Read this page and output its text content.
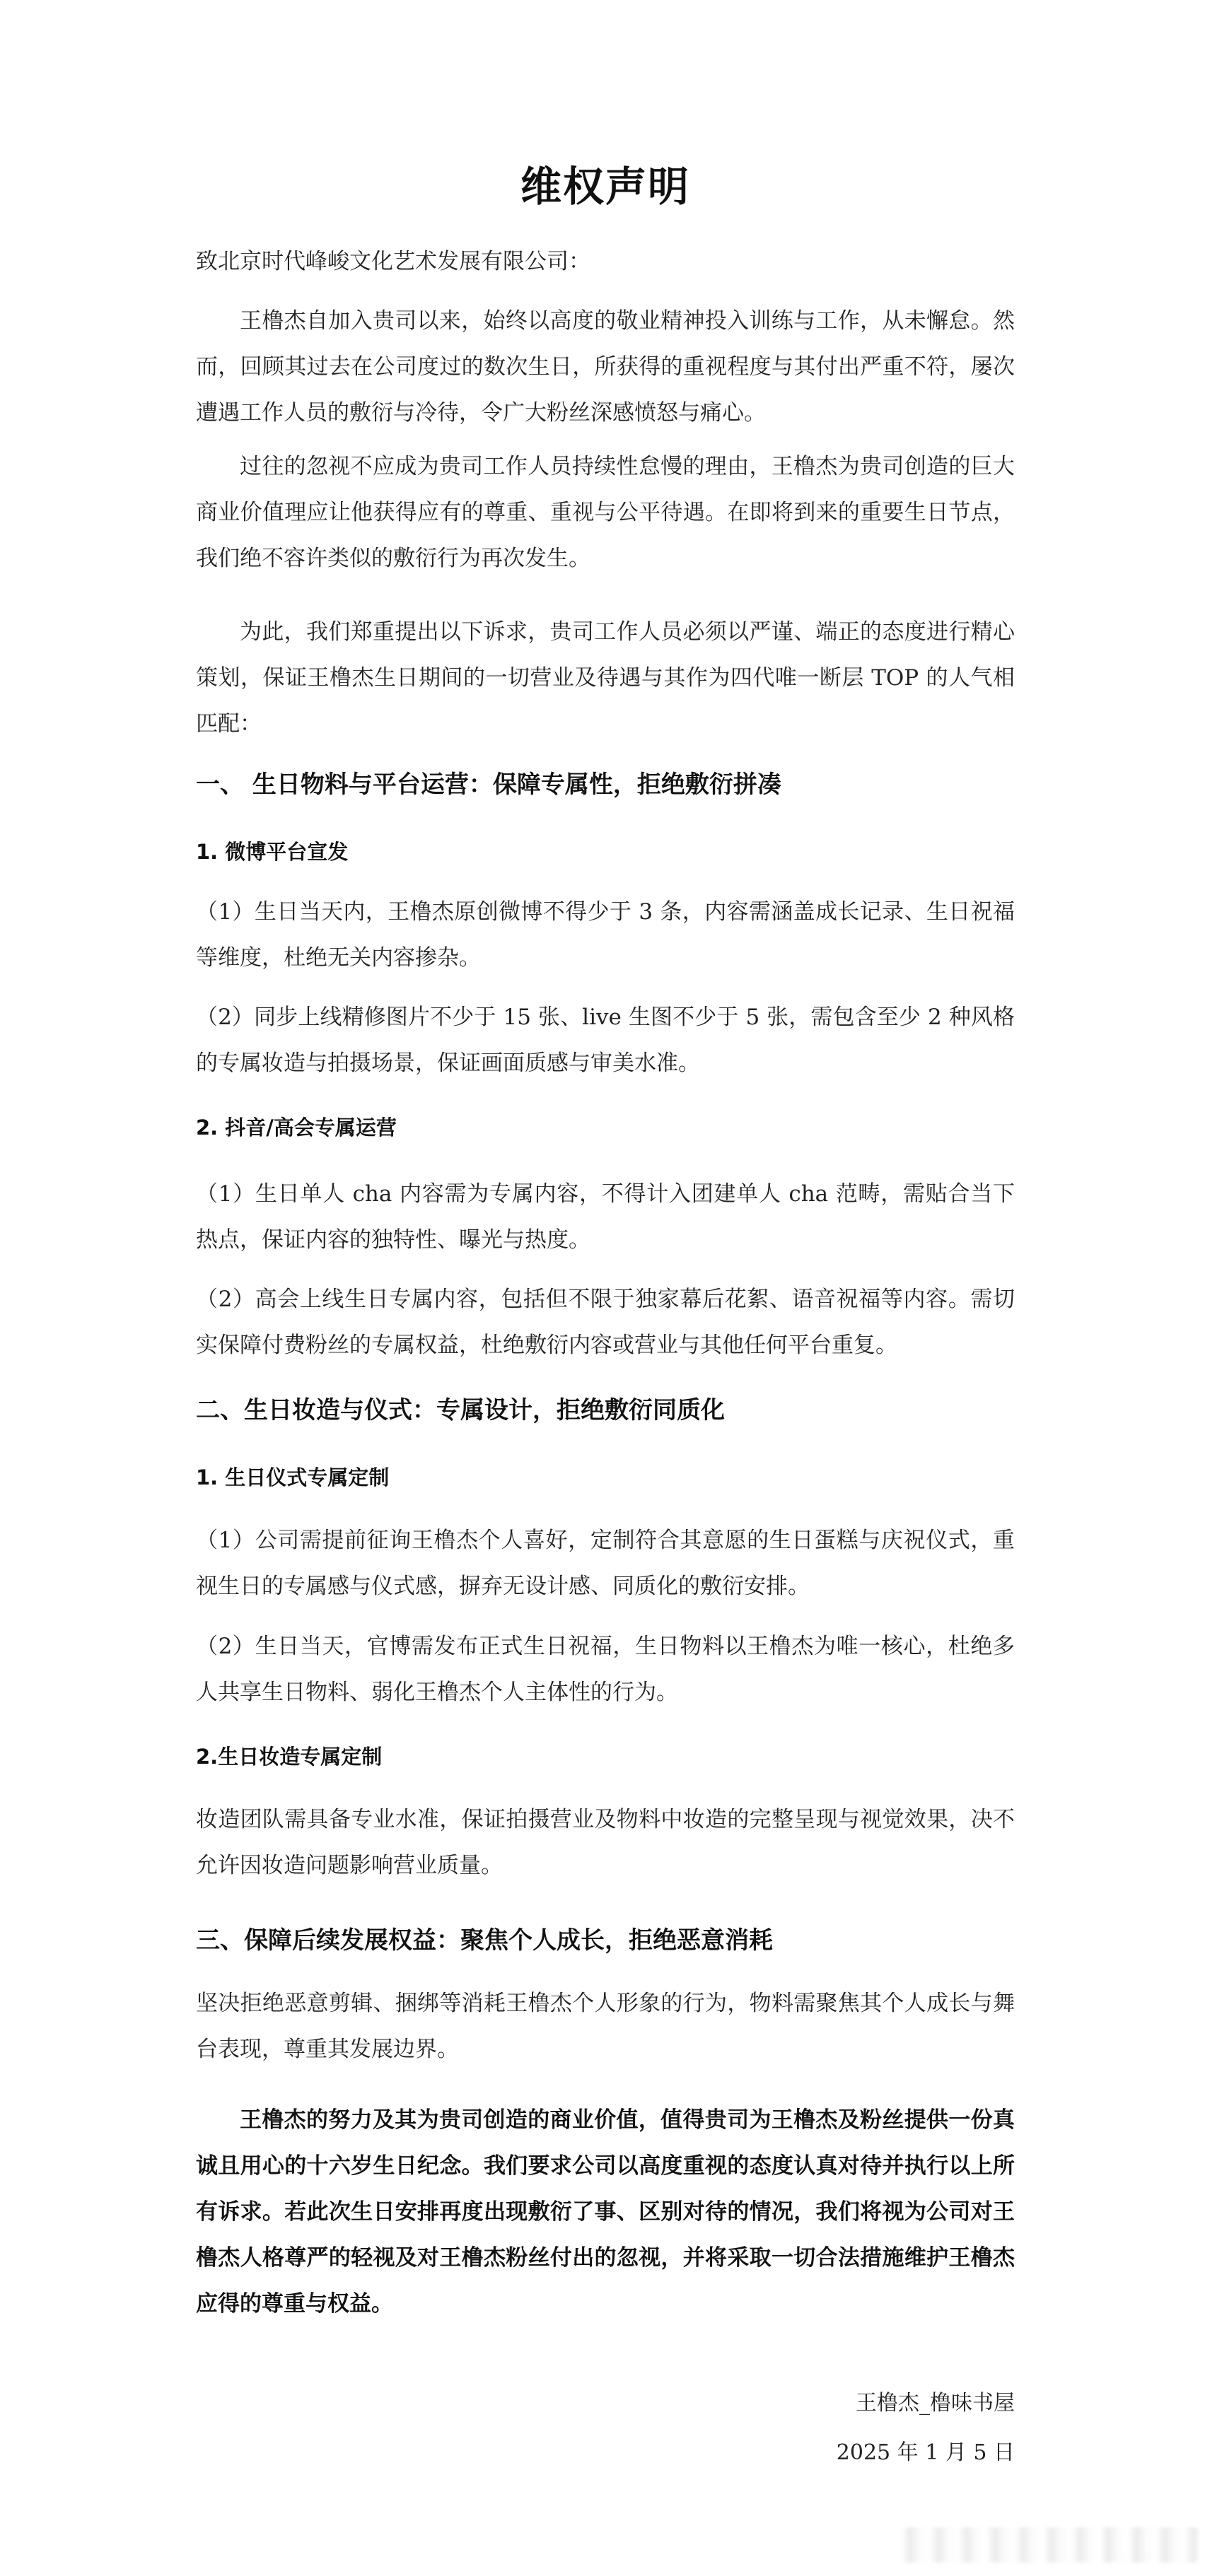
维权声明
致北京时代峰峻文化艺术发展有限公司：
王橹杰自加入贵司以来，始终以高度的敬业精神投入训练与工作，从未懈怠。然而，回顾其过去在公司度过的数次生日，所获得的重视程度与其付出严重不符，屡次遭遇工作人员的敷衍与冷待，令广大粉丝深感愤怒与痛心。
过往的忽视不应成为贵司工作人员持续性怠慢的理由，王橹杰为贵司创造的巨大商业价值理应让他获得应有的尊重、重视与公平待遇。在即将到来的重要生日节点，我们绝不容许类似的敷衍行为再次发生。
为此，我们郑重提出以下诉求，贵司工作人员必须以严谨、端正的态度进行精心策划，保证王橹杰生日期间的一切营业及待遇与其作为四代唯一断层 TOP 的人气相匹配：
一、 生日物料与平台运营：保障专属性，拒绝敷衍拼凑
1. 微博平台宣发
（1）生日当天内，王橹杰原创微博不得少于 3 条，内容需涵盖成长记录、生日祝福等维度，杜绝无关内容掺杂。
（2）同步上线精修图片不少于 15 张、live 生图不少于 5 张，需包含至少 2 种风格的专属妆造与拍摄场景，保证画面质感与审美水准。
2. 抖音/高会专属运营
（1）生日单人 cha 内容需为专属内容，不得计入团建单人 cha 范畴，需贴合当下热点，保证内容的独特性、曝光与热度。
（2）高会上线生日专属内容，包括但不限于独家幕后花絮、语音祝福等内容。需切实保障付费粉丝的专属权益，杜绝敷衍内容或营业与其他任何平台重复。
二、生日妆造与仪式：专属设计，拒绝敷衍同质化
1. 生日仪式专属定制
（1）公司需提前征询王橹杰个人喜好，定制符合其意愿的生日蛋糕与庆祝仪式，重视生日的专属感与仪式感，摒弃无设计感、同质化的敷衍安排。
（2）生日当天，官博需发布正式生日祝福，生日物料以王橹杰为唯一核心，杜绝多人共享生日物料、弱化王橹杰个人主体性的行为。
2.生日妆造专属定制
妆造团队需具备专业水准，保证拍摄营业及物料中妆造的完整呈现与视觉效果，决不允许因妆造问题影响营业质量。
三、保障后续发展权益：聚焦个人成长，拒绝恶意消耗
坚决拒绝恶意剪辑、捆绑等消耗王橹杰个人形象的行为，物料需聚焦其个人成长与舞台表现，尊重其发展边界。
王橹杰的努力及其为贵司创造的商业价值，值得贵司为王橹杰及粉丝提供一份真诚且用心的十六岁生日纪念。我们要求公司以高度重视的态度认真对待并执行以上所有诉求。若此次生日安排再度出现敷衍了事、区别对待的情况，我们将视为公司对王橹杰人格尊严的轻视及对王橹杰粉丝付出的忽视，并将采取一切合法措施维护王橹杰应得的尊重与权益。
王橹杰_橹味书屋
2025 年 1 月 5 日
